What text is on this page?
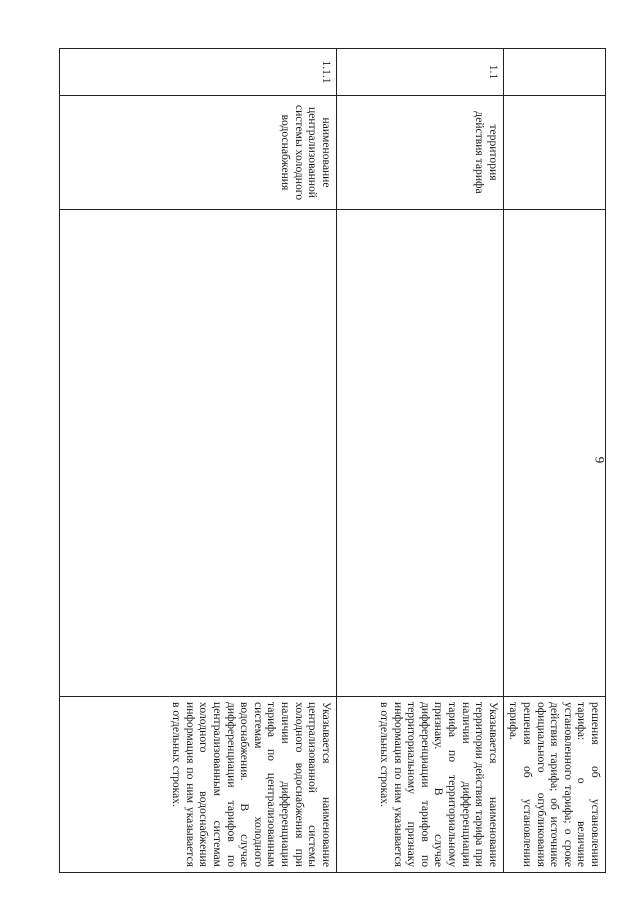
9
			решения об установлении тарифа: о величине установленного тарифа; о сроке действия тарифа; об источнике официального опубликования решения об установлении тарифа.
1.1	территория действия тарифа		Указывается наименование территории действия тарифа при наличии дифференциации тарифа по территориальному признаку. В случае дифференциации тарифов по территориальному признаку информация по ним указывается в отдельных строках.
1.1.1	наименование централизованной системы холодного водоснабжения		Указывается наименование централизованной системы холодного водоснабжения при наличии дифференциации тарифа по централизованным системам холодного водоснабжения. В случае дифференциации тарифов по централизованным системам холодного водоснабжения информация по ним указывается в отдельных строках.
